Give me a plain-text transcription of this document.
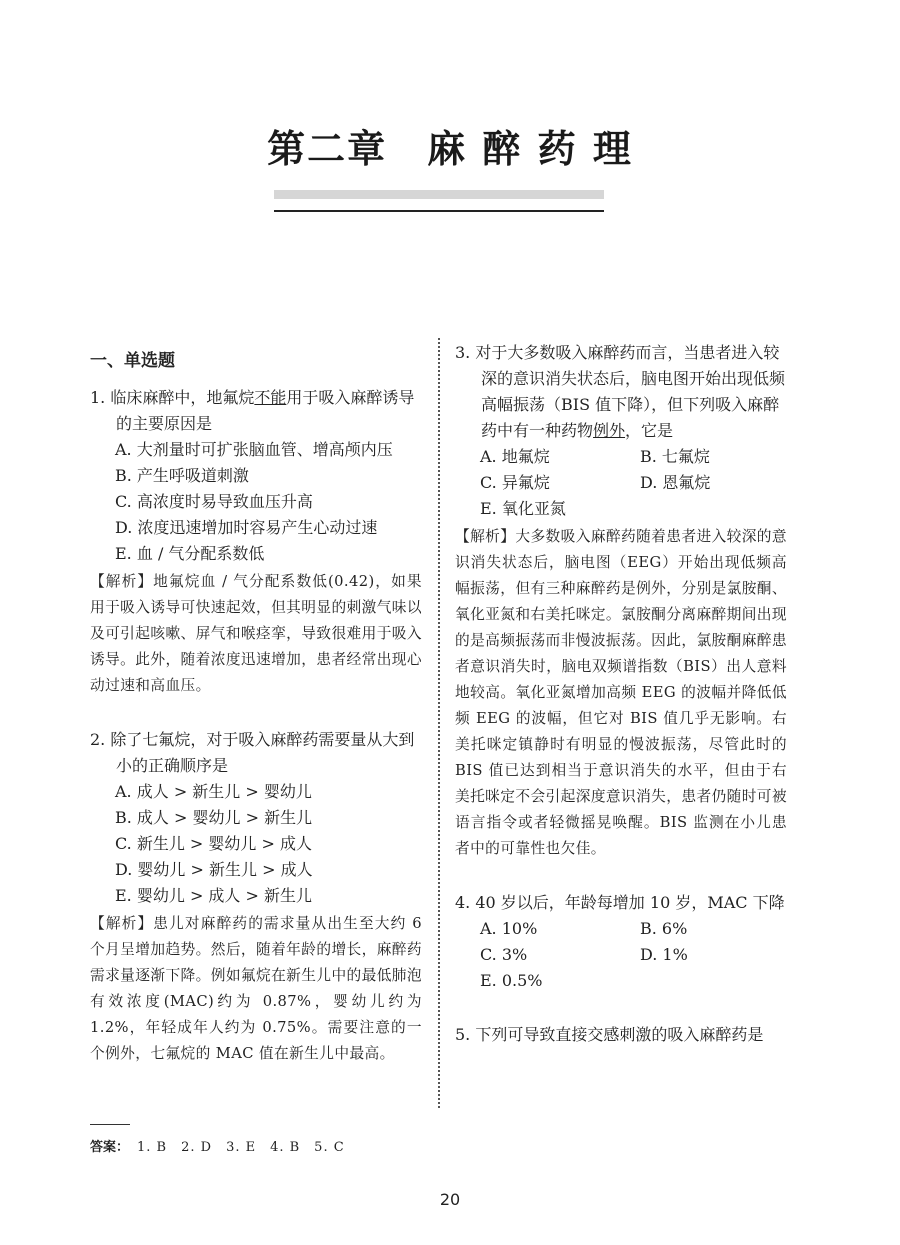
第二章　麻 醉 药 理
一、单选题
1. 临床麻醉中，地氟烷不能用于吸入麻醉诱导的主要原因是
A. 大剂量时可扩张脑血管、增高颅内压
B. 产生呼吸道刺激
C. 高浓度时易导致血压升高
D. 浓度迅速增加时容易产生心动过速
E. 血 / 气分配系数低
【解析】地氟烷血 / 气分配系数低(0.42)，如果用于吸入诱导可快速起效，但其明显的刺激气味以及可引起咳嗽、屏气和喉痉挛，导致很难用于吸入诱导。此外，随着浓度迅速增加，患者经常出现心动过速和高血压。
2. 除了七氟烷，对于吸入麻醉药需要量从大到小的正确顺序是
A. 成人 > 新生儿 > 婴幼儿
B. 成人 > 婴幼儿 > 新生儿
C. 新生儿 > 婴幼儿 > 成人
D. 婴幼儿 > 新生儿 > 成人
E. 婴幼儿 > 成人 > 新生儿
【解析】患儿对麻醉药的需求量从出生至大约 6 个月呈增加趋势。然后，随着年龄的增长，麻醉药需求量逐渐下降。例如氟烷在新生儿中的最低肺泡有效浓度(MAC)约为 0.87%，婴幼儿约为 1.2%，年轻成年人约为 0.75%。需要注意的一个例外，七氟烷的 MAC 值在新生儿中最高。
3. 对于大多数吸入麻醉药而言，当患者进入较深的意识消失状态后，脑电图开始出现低频高幅振荡（BIS 值下降），但下列吸入麻醉药中有一种药物例外，它是
A. 地氟烷	B. 七氟烷
C. 异氟烷	D. 恩氟烷
E. 氧化亚氮
【解析】大多数吸入麻醉药随着患者进入较深的意识消失状态后，脑电图（EEG）开始出现低频高幅振荡，但有三种麻醉药是例外，分别是氯胺酮、氧化亚氮和右美托咪定。氯胺酮分离麻醉期间出现的是高频振荡而非慢波振荡。因此，氯胺酮麻醉患者意识消失时，脑电双频谱指数（BIS）出人意料地较高。氧化亚氮增加高频 EEG 的波幅并降低低频 EEG 的波幅，但它对 BIS 值几乎无影响。右美托咪定镇静时有明显的慢波振荡，尽管此时的 BIS 值已达到相当于意识消失的水平，但由于右美托咪定不会引起深度意识消失，患者仍随时可被语言指令或者轻微摇晃唤醒。BIS 监测在小儿患者中的可靠性也欠佳。
4. 40 岁以后，年龄每增加 10 岁，MAC 下降
A. 10%	B. 6%
C. 3%	D. 1%
E. 0.5%
5. 下列可导致直接交感刺激的吸入麻醉药是
答案： 1. B　2. D　3. E　4. B　5. C
20
